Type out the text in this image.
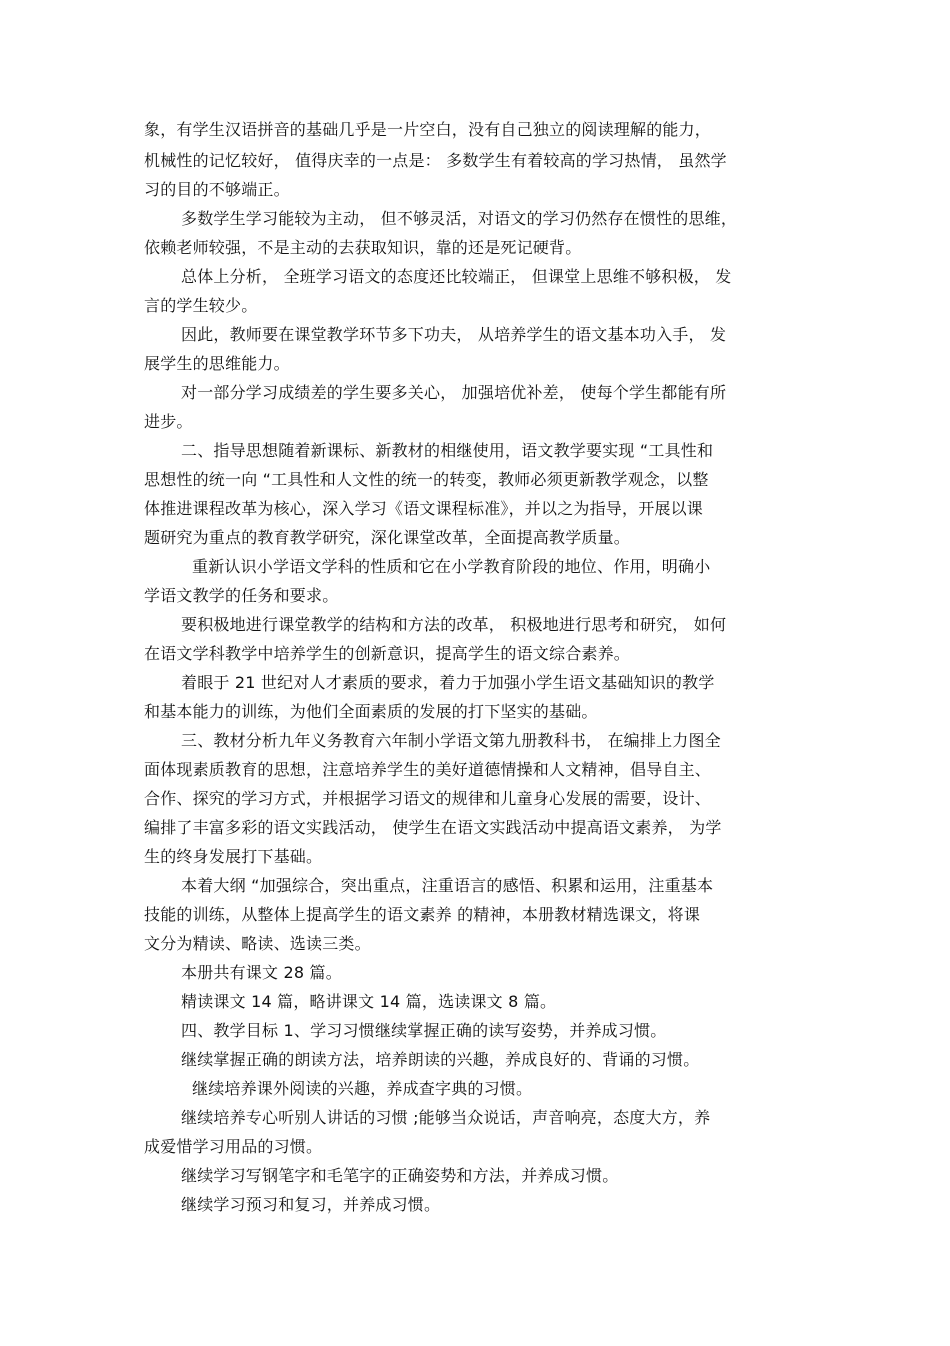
象，有学生汉语拼音的基础几乎是一片空白，没有自己独立的阅读理解的能力，
机械性的记忆较好， 值得庆幸的一点是： 多数学生有着较高的学习热情， 虽然学
习的目的不够端正。
多数学生学习能较为主动， 但不够灵活，对语文的学习仍然存在惯性的思维，
依赖老师较强，不是主动的去获取知识，靠的还是死记硬背。
总体上分析， 全班学习语文的态度还比较端正， 但课堂上思维不够积极， 发
言的学生较少。
因此，教师要在课堂教学环节多下功夫， 从培养学生的语文基本功入手， 发
展学生的思维能力。
对一部分学习成绩差的学生要多关心， 加强培优补差， 使每个学生都能有所
进步。
二、指导思想随着新课标、新教材的相继使用，语文教学要实现 “工具性和
思想性的统一向 “工具性和人文性的统一的转变，教师必须更新教学观念，以整
体推进课程改革为核心，深入学习《语文课程标准》，并以之为指导，开展以课
题研究为重点的教育教学研究，深化课堂改革，全面提高教学质量。
重新认识小学语文学科的性质和它在小学教育阶段的地位、作用，明确小
学语文教学的任务和要求。
要积极地进行课堂教学的结构和方法的改革， 积极地进行思考和研究， 如何
在语文学科教学中培养学生的创新意识，提高学生的语文综合素养。
着眼于 21 世纪对人才素质的要求，着力于加强小学生语文基础知识的教学
和基本能力的训练，为他们全面素质的发展的打下坚实的基础。
三、教材分析九年义务教育六年制小学语文第九册教科书， 在编排上力图全
面体现素质教育的思想，注意培养学生的美好道德情操和人文精神，倡导自主、
合作、探究的学习方式，并根据学习语文的规律和儿童身心发展的需要，设计、
编排了丰富多彩的语文实践活动， 使学生在语文实践活动中提高语文素养， 为学
生的终身发展打下基础。
本着大纲 “加强综合，突出重点，注重语言的感悟、积累和运用，注重基本
技能的训练，从整体上提高学生的语文素养 的精神，本册教材精选课文，将课
文分为精读、略读、选读三类。
本册共有课文 28 篇。
精读课文 14 篇，略讲课文 14 篇，选读课文 8 篇。
四、教学目标 1、学习习惯继续掌握正确的读写姿势，并养成习惯。
继续掌握正确的朗读方法，培养朗读的兴趣，养成良好的、背诵的习惯。
继续培养课外阅读的兴趣，养成查字典的习惯。
继续培养专心听别人讲话的习惯 ;能够当众说话，声音响亮，态度大方，养
成爱惜学习用品的习惯。
继续学习写钢笔字和毛笔字的正确姿势和方法，并养成习惯。
继续学习预习和复习，并养成习惯。
